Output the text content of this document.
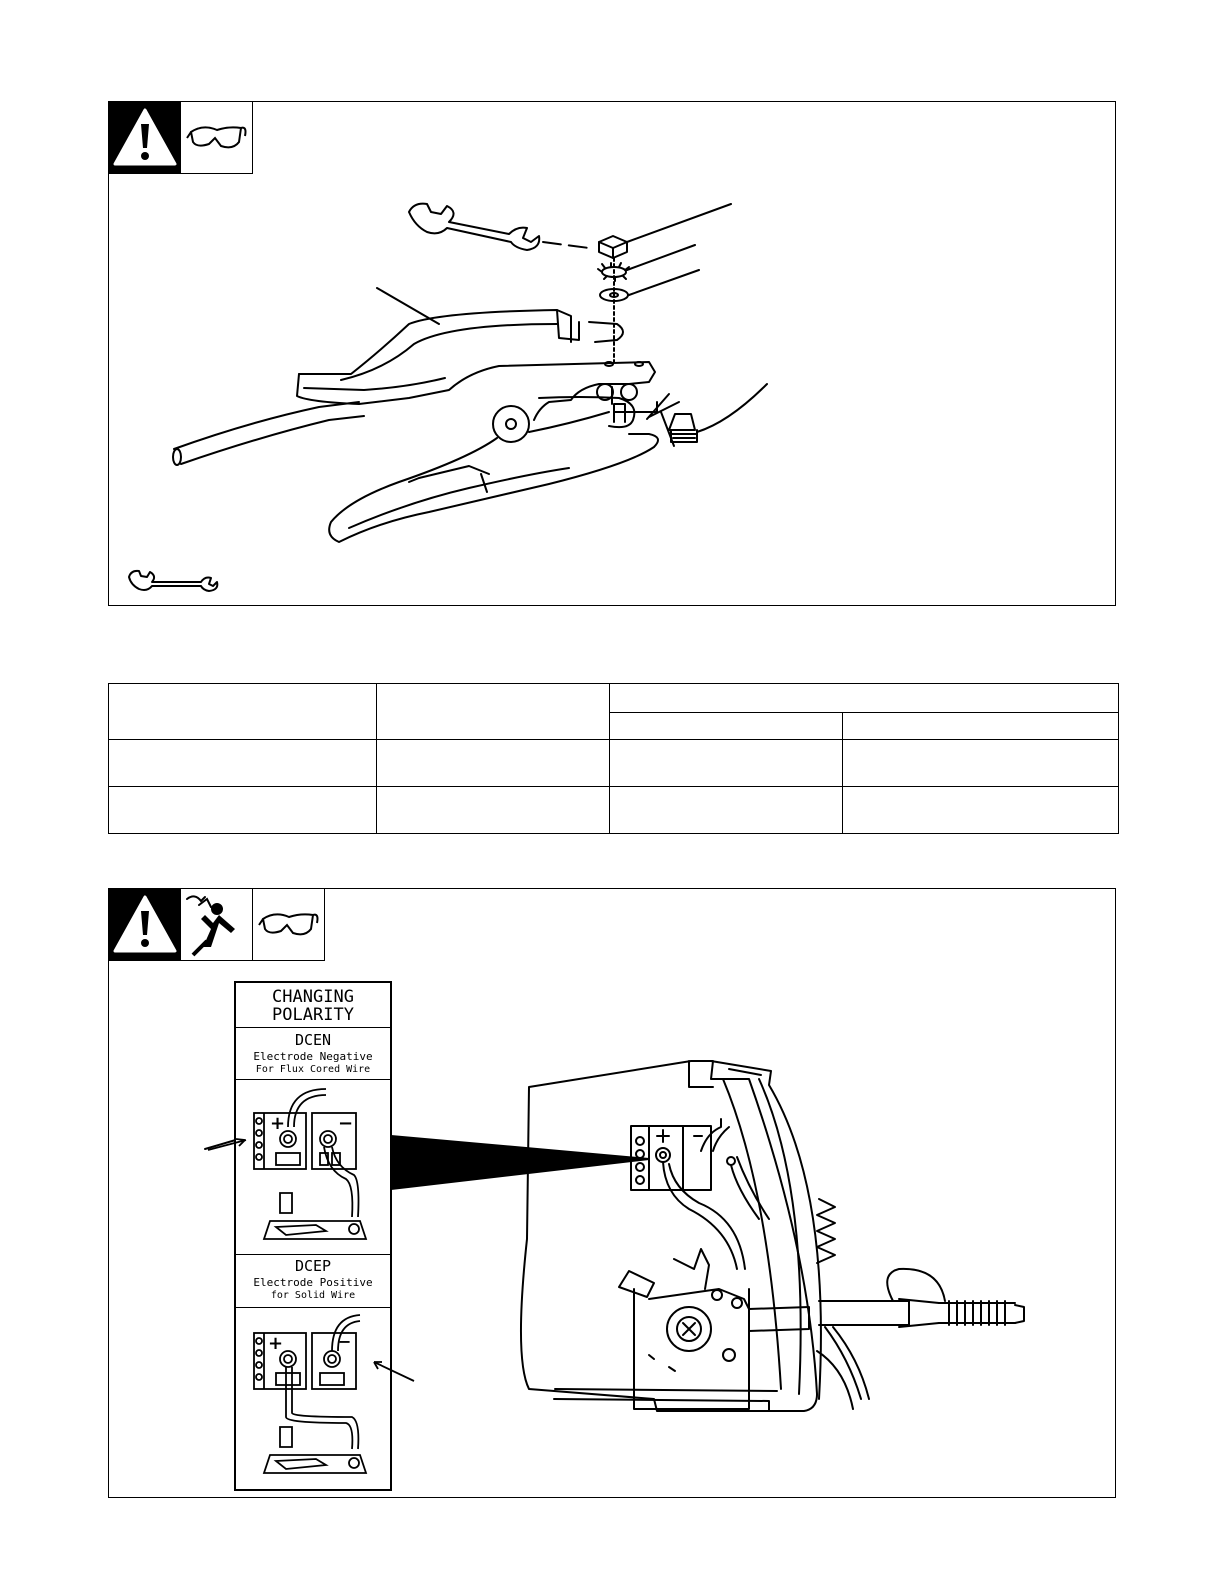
CHANGING
POLARITY
DCEN
Electrode Negative
For Flux Cored Wire
+	−
DCEP
Electrode Positive
for Solid Wire
+	−
